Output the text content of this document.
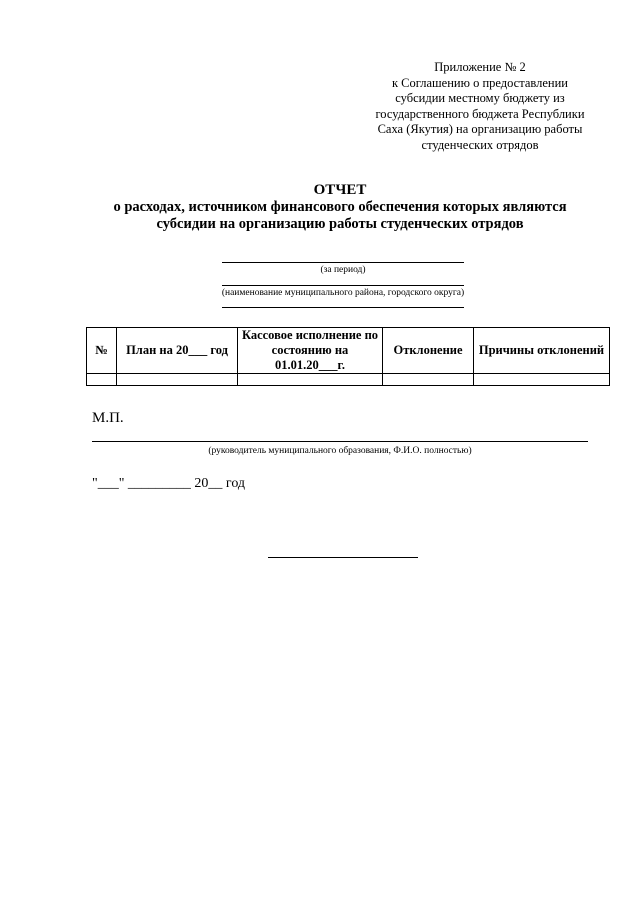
Приложение № 2
к Соглашению о предоставлении
субсидии местному бюджету из
государственного бюджета Республики
Саха (Якутия) на организацию работы
студенческих отрядов
ОТЧЕТ
о расходах, источником финансового обеспечения которых являются
субсидии на организацию работы студенческих отрядов
(за период)
(наименование муниципального района, городского округа)
№	План на 20___ год	Кассовое исполнение по состоянию на 01.01.20___г.	Отклонение	Причины отклонений

М.П.
(руководитель муниципального образования, Ф.И.О. полностью)
"___" _________ 20__ год
